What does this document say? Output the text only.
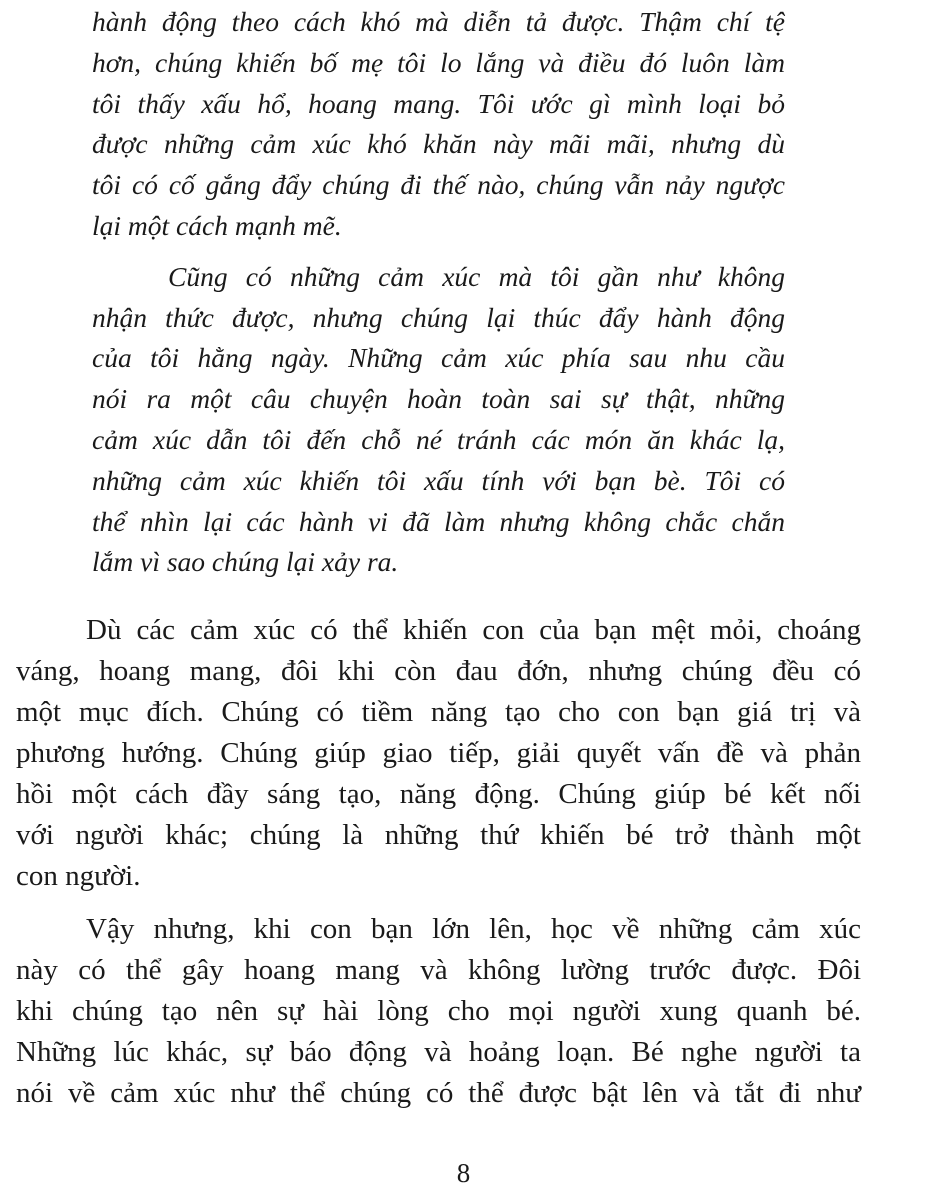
hành động theo cách khó mà diễn tả được. Thậm chí tệ
hơn, chúng khiến bố mẹ tôi lo lắng và điều đó luôn làm
tôi thấy xấu hổ, hoang mang. Tôi ước gì mình loại bỏ
được những cảm xúc khó khăn này mãi mãi, nhưng dù
tôi có cố gắng đẩy chúng đi thế nào, chúng vẫn nảy ngược
lại một cách mạnh mẽ.
Cũng có những cảm xúc mà tôi gần như không
nhận thức được, nhưng chúng lại thúc đẩy hành động
của tôi hằng ngày. Những cảm xúc phía sau nhu cầu
nói ra một câu chuyện hoàn toàn sai sự thật, những
cảm xúc dẫn tôi đến chỗ né tránh các món ăn khác lạ,
những cảm xúc khiến tôi xấu tính với bạn bè. Tôi có
thể nhìn lại các hành vi đã làm nhưng không chắc chắn
lắm vì sao chúng lại xảy ra.
Dù các cảm xúc có thể khiến con của bạn mệt mỏi, choáng
váng, hoang mang, đôi khi còn đau đớn, nhưng chúng đều có
một mục đích. Chúng có tiềm năng tạo cho con bạn giá trị và
phương hướng. Chúng giúp giao tiếp, giải quyết vấn đề và phản
hồi một cách đầy sáng tạo, năng động. Chúng giúp bé kết nối
với người khác; chúng là những thứ khiến bé trở thành một
con người.
Vậy nhưng, khi con bạn lớn lên, học về những cảm xúc
này có thể gây hoang mang và không lường trước được. Đôi
khi chúng tạo nên sự hài lòng cho mọi người xung quanh bé.
Những lúc khác, sự báo động và hoảng loạn. Bé nghe người ta
nói về cảm xúc như thể chúng có thể được bật lên và tắt đi như
8
